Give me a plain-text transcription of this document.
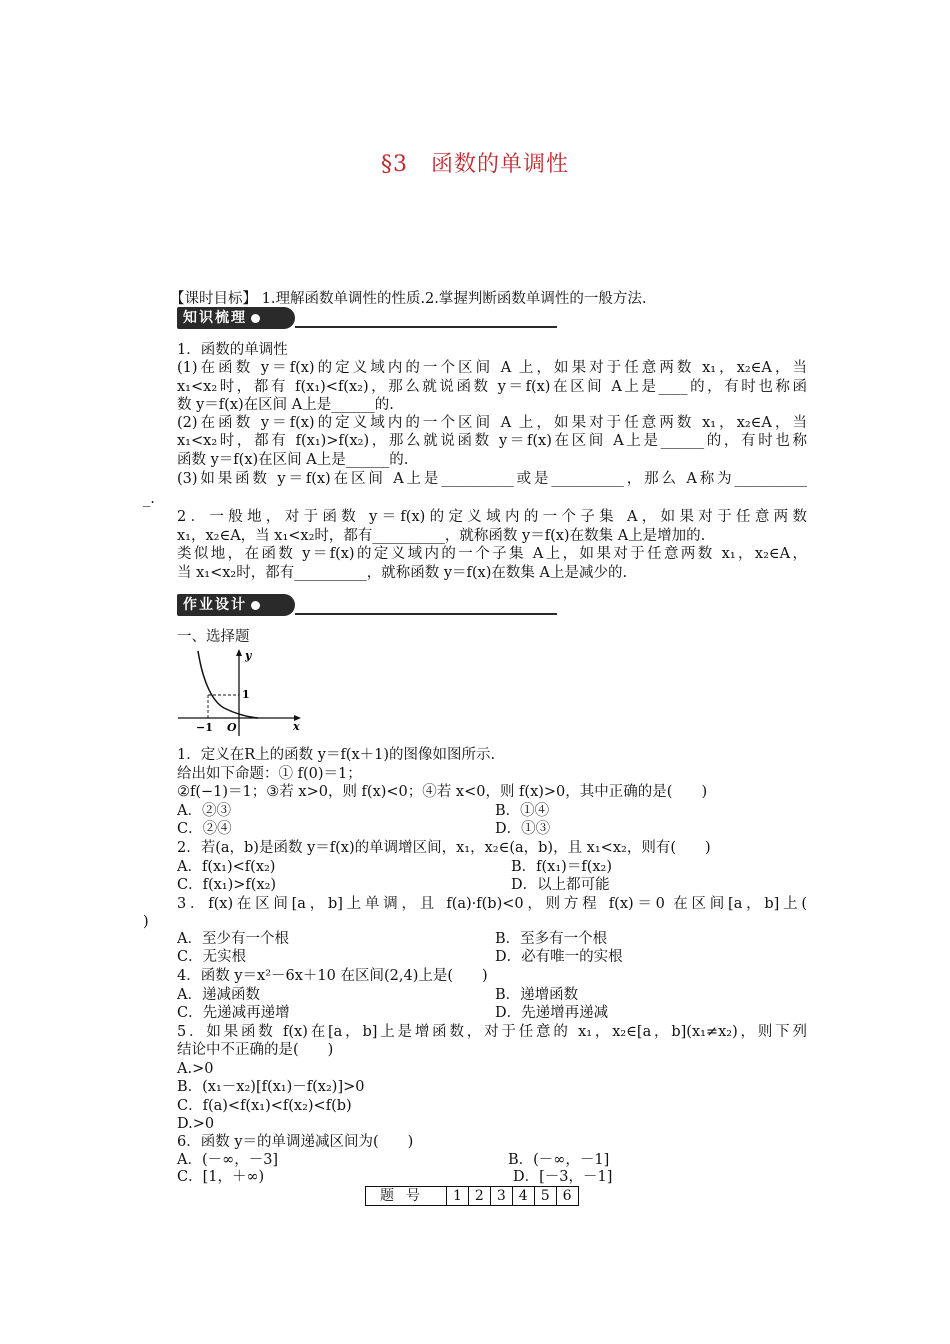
§3　函数的单调性
【课时目标】 1.理解函数单调性的性质.2.掌握判断函数单调性的一般方法.
知识梳理
1．函数的单调性
(1)在函数 y＝f(x)的定义域内的一个区间 A 上，如果对于任意两数 x₁，x₂∈A，当
x₁<x₂时，都有 f(x₁)<f(x₂)，那么就说函数 y＝f(x)在区间 A上是____的，有时也称函
数 y＝f(x)在区间 A上是______的.
(2)在函数 y＝f(x)的定义域内的一个区间 A 上，如果对于任意两数 x₁，x₂∈A，当
x₁<x₂时，都有 f(x₁)>f(x₂)，那么就说函数 y＝f(x)在区间 A上是______的，有时也称
函数 y＝f(x)在区间 A上是______的.
(3)如果函数 y＝f(x)在区间 A上是__________或是__________，那么 A称为__________
_.
2．一般地，对于函数 y＝f(x)的定义域内的一个子集 A，如果对于任意两数
x₁，x₂∈A，当 x₁<x₂时，都有__________，就称函数 y＝f(x)在数集 A上是增加的.
类似地，在函数 y＝f(x)的定义域内的一个子集 A上，如果对于任意两数 x₁，x₂∈A，
当 x₁<x₂时，都有__________，就称函数 y＝f(x)在数集 A上是减少的.
作业设计
一、选择题
y
x
1
−1 O
1．定义在R上的函数 y＝f(x＋1)的图像如图所示.
给出如下命题：① f(0)＝1；
②f(−1)＝1；③若 x>0，则 f(x)<0；④若 x<0，则 f(x)>0，其中正确的是(　　)
A．②③	B．①④
C．②④	D．①③
2．若(a，b)是函数 y＝f(x)的单调增区间，x₁，x₂∈(a，b)，且 x₁<x₂，则有(　　)
A．f(x₁)<f(x₂)	B．f(x₁)＝f(x₂)
C．f(x₁)>f(x₂)	D．以上都可能
3．f(x)在区间[a，b]上单调，且 f(a)·f(b)<0，则方程 f(x)＝0 在区间[a，b]上(
)
A．至少有一个根	B．至多有一个根
C．无实根	D．必有唯一的实根
4．函数 y＝x²－6x＋10 在区间(2,4)上是(　　)
A．递减函数	B．递增函数
C．先递减再递增	D．先递增再递减
5．如果函数 f(x)在[a，b]上是增函数，对于任意的 x₁，x₂∈[a，b](x₁≠x₂)，则下列
结论中不正确的是(　　)
A.>0
B．(x₁－x₂)[f(x₁)－f(x₂)]>0
C．f(a)<f(x₁)<f(x₂)<f(b)
D.>0
6．函数 y＝的单调递减区间为(　　)
A．(－∞，－3]	B．(－∞，－1]
C．[1，＋∞)	D．[－3，－1]
题号	1	2	3	4	5	6
